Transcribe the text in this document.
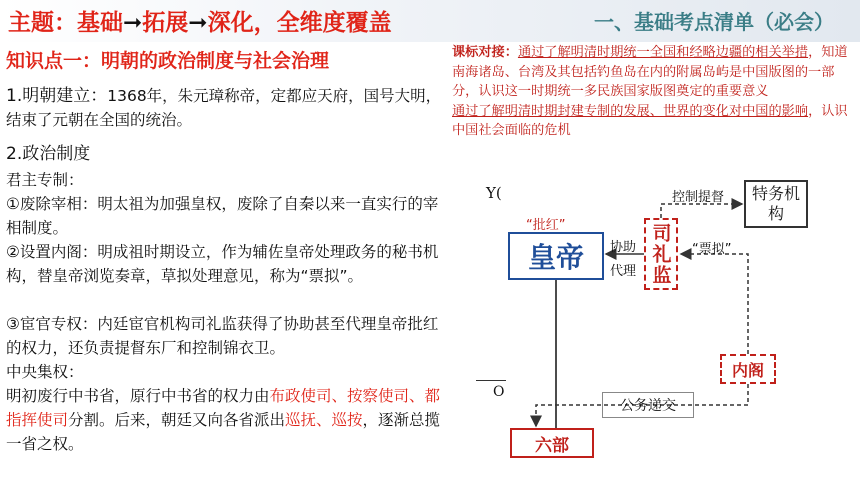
主题：基础➞拓展➞深化，全维度覆盖	一、基础考点清单（必会）
知识点一：明朝的政治制度与社会治理
1.明朝建立：1368年，朱元璋称帝，定都应天府，国号大明，结束了元朝在全国的统治。
2.政治制度
君主专制：
①废除宰相：明太祖为加强皇权，废除了自秦以来一直实行的宰相制度。
②设置内阁：明成祖时期设立，作为辅佐皇帝处理政务的秘书机构，替皇帝浏览奏章，草拟处理意见，称为“票拟”。
③宦官专权：内廷宦官机构司礼监获得了协助甚至代理皇帝批红的权力，还负责提督东厂和控制锦衣卫。
中央集权：
明初废行中书省，原行中书省的权力由布政使司、按察使司、都指挥使司分割。后来，朝廷又向各省派出巡抚、巡按，逐渐总揽一省之权。
课标对接：通过了解明清时期统一全国和经略边疆的相关举措，知道南海诸岛、台湾及其包括钓鱼岛在内的附属岛屿是中国版图的一部分，认识这一时期统一多民族国家版图奠定的重要意义
通过了解明清时期封建专制的发展、世界的变化对中国的影响，认识中国社会面临的危机
Y(
O
“批红”
皇帝	协助
代理 司礼监
控制提督	特务机构
“票拟”
内阁
公务递交
六部
